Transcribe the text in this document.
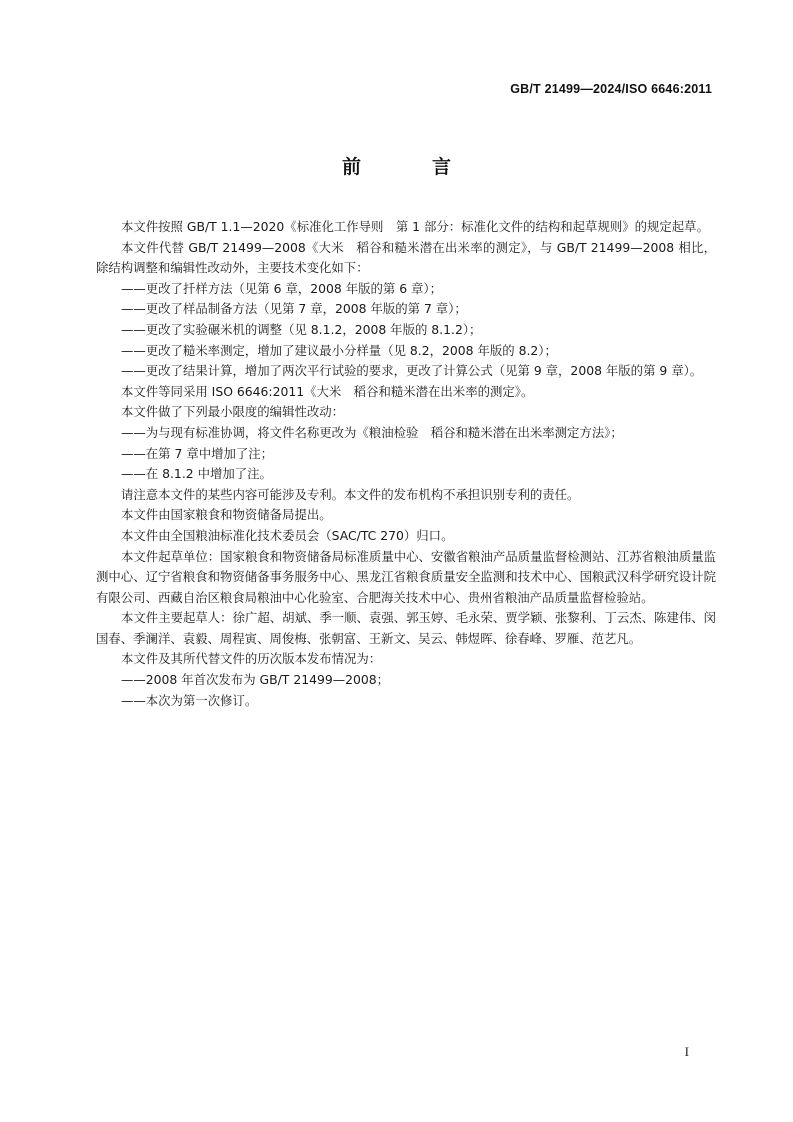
GB/T 21499—2024/ISO 6646:2011
前　言

本文件按照 GB/T 1.1—2020《标准化工作导则　第 1 部分：标准化文件的结构和起草规则》的规定起草。

本文件代替 GB/T 21499—2008《大米　稻谷和糙米潜在出米率的测定》，与 GB/T 21499—2008 相比，除结构调整和编辑性改动外，主要技术变化如下：

——更改了扦样方法（见第 6 章，2008 年版的第 6 章）；

——更改了样品制备方法（见第 7 章，2008 年版的第 7 章）；

——更改了实验碾米机的调整（见 8.1.2，2008 年版的 8.1.2）；

——更改了糙米率测定，增加了建议最小分样量（见 8.2，2008 年版的 8.2）；

——更改了结果计算，增加了两次平行试验的要求，更改了计算公式（见第 9 章，2008 年版的第 9 章）。

本文件等同采用 ISO 6646:2011《大米　稻谷和糙米潜在出米率的测定》。

本文件做了下列最小限度的编辑性改动：

——为与现有标准协调，将文件名称更改为《粮油检验　稻谷和糙米潜在出米率测定方法》；

——在第 7 章中增加了注；

——在 8.1.2 中增加了注。

请注意本文件的某些内容可能涉及专利。本文件的发布机构不承担识别专利的责任。

本文件由国家粮食和物资储备局提出。

本文件由全国粮油标准化技术委员会（SAC/TC 270）归口。

本文件起草单位：国家粮食和物资储备局标准质量中心、安徽省粮油产品质量监督检测站、江苏省粮油质量监测中心、辽宁省粮食和物资储备事务服务中心、黑龙江省粮食质量安全监测和技术中心、国粮武汉科学研究设计院有限公司、西藏自治区粮食局粮油中心化验室、合肥海关技术中心、贵州省粮油产品质量监督检验站。

本文件主要起草人：徐广超、胡斌、季一顺、袁强、郭玉婷、毛永荣、贾学颖、张黎利、丁云杰、陈建伟、闵国春、季澜洋、袁毅、周程寅、周俊梅、张朝富、王新文、吴云、韩煜晖、徐春峰、罗雁、范艺凡。

本文件及其所代替文件的历次版本发布情况为：

——2008 年首次发布为 GB/T 21499—2008；

——本次为第一次修订。

I
